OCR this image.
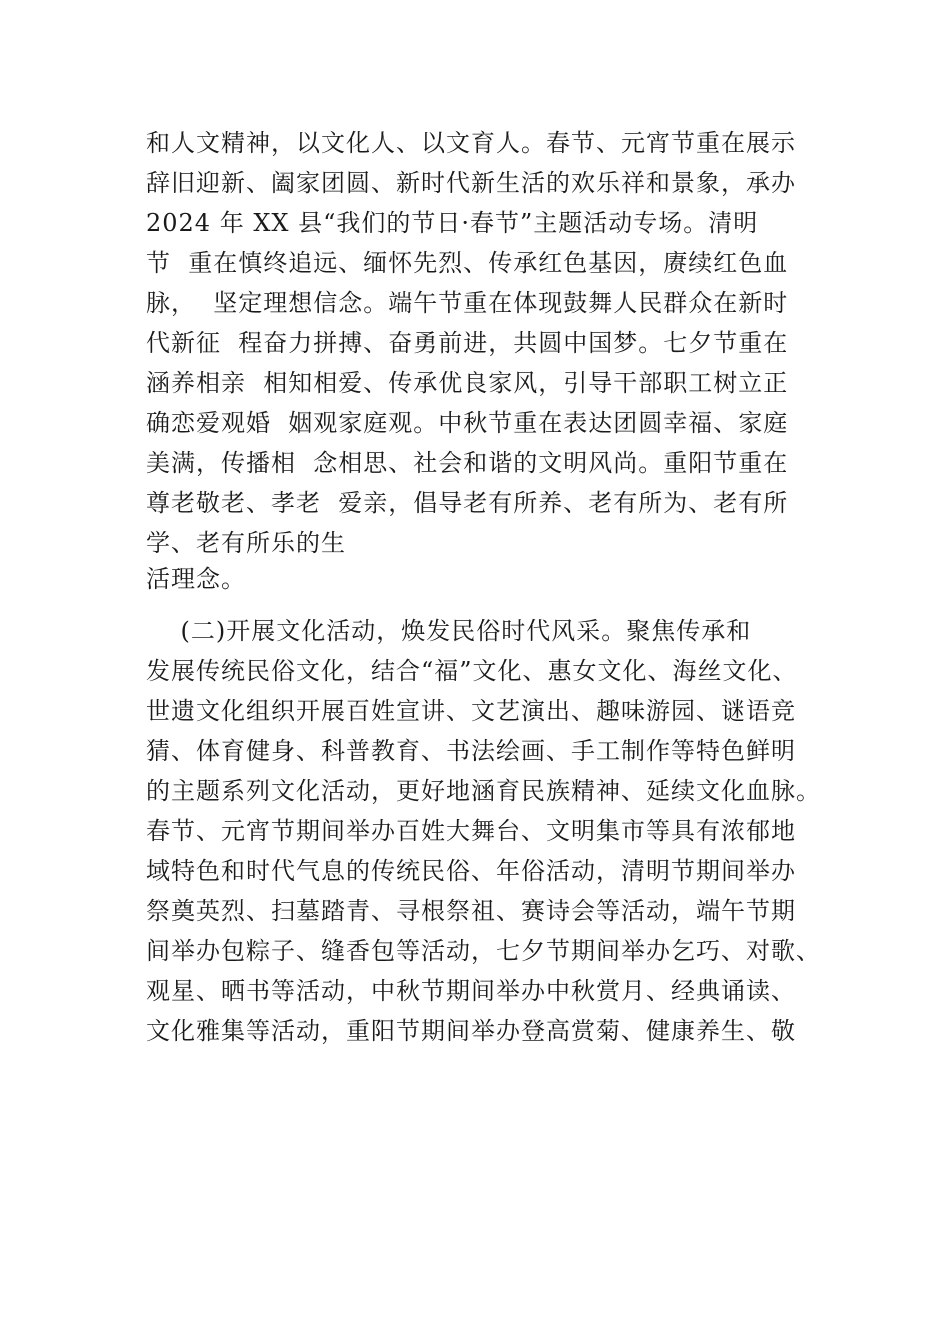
和人文精神，以文化人、以文育人。春节、元宵节重在展示
辞旧迎新、阖家团圆、新时代新生活的欢乐祥和景象，承办
2024 年 XX 县“我们的节日·春节”主题活动专场。清明
节  重在慎终追远、缅怀先烈、传承红色基因，赓续红色血
脉，  坚定理想信念。端午节重在体现鼓舞人民群众在新时
代新征  程奋力拼搏、奋勇前进，共圆中国梦。七夕节重在
涵养相亲  相知相爱、传承优良家风，引导干部职工树立正
确恋爱观婚  姻观家庭观。中秋节重在表达团圆幸福、家庭
美满，传播相  念相思、社会和谐的文明风尚。重阳节重在
尊老敬老、孝老  爱亲，倡导老有所养、老有所为、老有所
学、老有所乐的生
活理念。
(二)开展文化活动，焕发民俗时代风采。聚焦传承和
发展传统民俗文化，结合“福”文化、惠女文化、海丝文化、
世遗文化组织开展百姓宣讲、文艺演出、趣味游园、谜语竞
猜、体育健身、科普教育、书法绘画、手工制作等特色鲜明
的主题系列文化活动，更好地涵育民族精神、延续文化血脉。
春节、元宵节期间举办百姓大舞台、文明集市等具有浓郁地
域特色和时代气息的传统民俗、年俗活动，清明节期间举办
祭奠英烈、扫墓踏青、寻根祭祖、赛诗会等活动，端午节期
间举办包粽子、缝香包等活动，七夕节期间举办乞巧、对歌、
观星、晒书等活动，中秋节期间举办中秋赏月、经典诵读、
文化雅集等活动，重阳节期间举办登高赏菊、健康养生、敬
